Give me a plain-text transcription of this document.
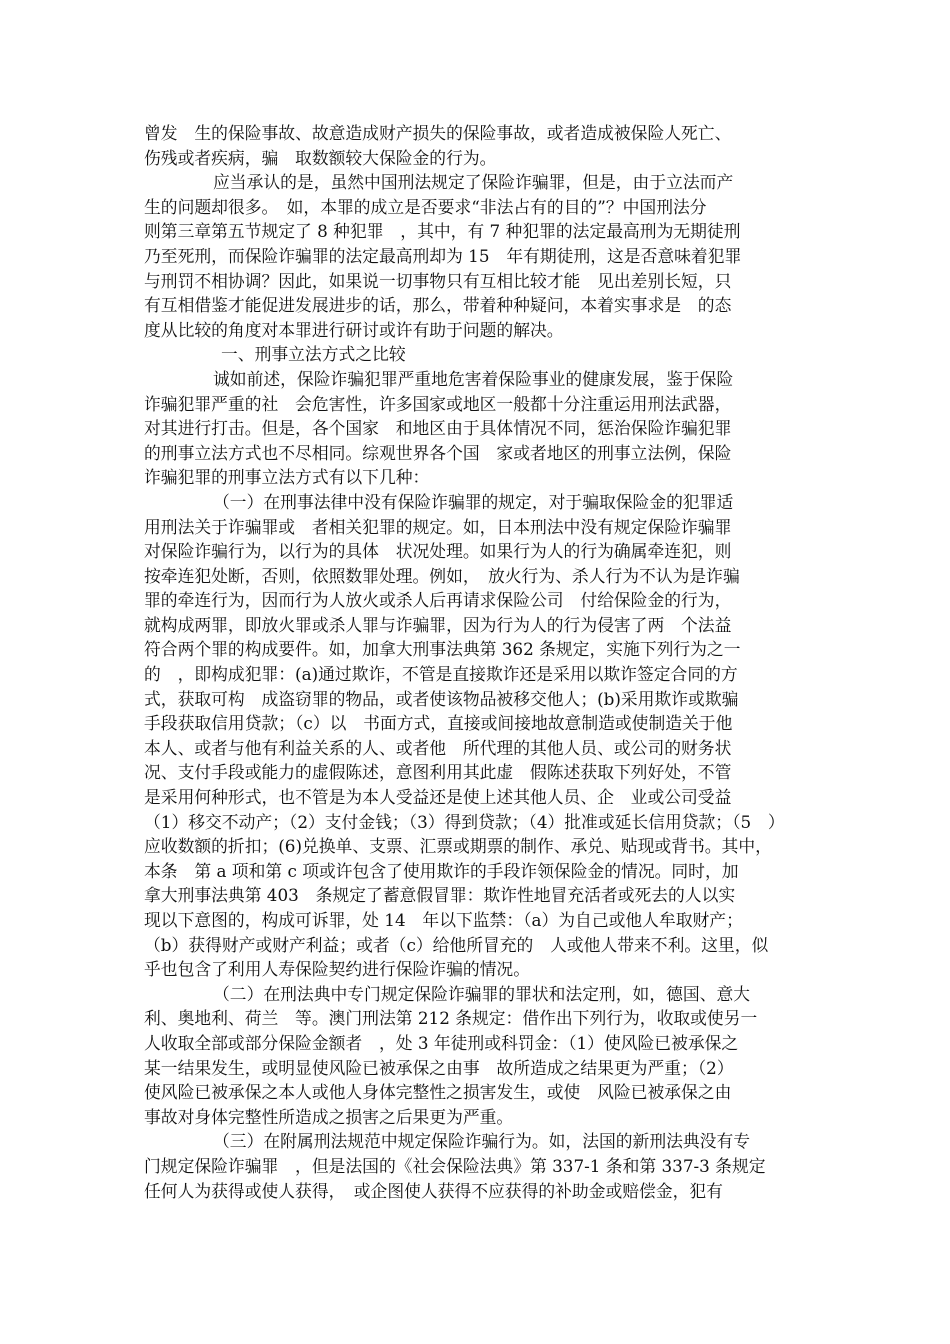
曾发　生的保险事故、故意造成财产损失的保险事故，或者造成被保险人死亡、
伤残或者疾病，骗　取数额较大保险金的行为。
应当承认的是，虽然中国刑法规定了保险诈骗罪，但是，由于立法而产
生的问题却很多。　如，本罪的成立是否要求“非法占有的目的”？中国刑法分
则第三章第五节规定了 8 种犯罪　，其中，有 7 种犯罪的法定最高刑为无期徒刑
乃至死刑，而保险诈骗罪的法定最高刑却为 15　年有期徒刑，这是否意味着犯罪
与刑罚不相协调？因此，如果说一切事物只有互相比较才能　见出差别长短，只
有互相借鉴才能促进发展进步的话，那么，带着种种疑问，本着实事求是　的态
度从比较的角度对本罪进行研讨或许有助于问题的解决。
一、刑事立法方式之比较
诚如前述，保险诈骗犯罪严重地危害着保险事业的健康发展，鉴于保险
诈骗犯罪严重的社　会危害性，许多国家或地区一般都十分注重运用刑法武器，
对其进行打击。但是，各个国家　和地区由于具体情况不同，惩治保险诈骗犯罪
的刑事立法方式也不尽相同。综观世界各个国　家或者地区的刑事立法例，保险
诈骗犯罪的刑事立法方式有以下几种：
（一）在刑事法律中没有保险诈骗罪的规定，对于骗取保险金的犯罪适
用刑法关于诈骗罪或　者相关犯罪的规定。如，日本刑法中没有规定保险诈骗罪
对保险诈骗行为，以行为的具体　状况处理。如果行为人的行为确属牵连犯，则
按牵连犯处断，否则，依照数罪处理。例如，　放火行为、杀人行为不认为是诈骗
罪的牵连行为，因而行为人放火或杀人后再请求保险公司　付给保险金的行为，
就构成两罪，即放火罪或杀人罪与诈骗罪，因为行为人的行为侵害了两　个法益
符合两个罪的构成要件。如，加拿大刑事法典第 362 条规定，实施下列行为之一
的　，即构成犯罪：(a)通过欺诈，不管是直接欺诈还是采用以欺诈签定合同的方
式，获取可构　成盗窃罪的物品，或者使该物品被移交他人；(b)采用欺诈或欺骗
手段获取信用贷款；（c）以　书面方式，直接或间接地故意制造或使制造关于他
本人、或者与他有利益关系的人、或者他　所代理的其他人员、或公司的财务状
况、支付手段或能力的虚假陈述，意图利用其此虚　假陈述获取下列好处，不管
是采用何种形式，也不管是为本人受益还是使上述其他人员、企　业或公司受益
（1）移交不动产；（2）支付金钱；（3）得到贷款；（4）批准或延长信用贷款；（5　）
应收数额的折扣；(6)兑换单、支票、汇票或期票的制作、承兑、贴现或背书。其中，
本条　第 a 项和第 c 项或许包含了使用欺诈的手段诈领保险金的情况。同时，加
拿大刑事法典第 403　条规定了蓄意假冒罪：欺诈性地冒充活者或死去的人以实
现以下意图的，构成可诉罪，处 14　年以下监禁：（a）为自己或他人牟取财产；
（b）获得财产或财产利益；或者（c）给他所冒充的　人或他人带来不利。这里，似
乎也包含了利用人寿保险契约进行保险诈骗的情况。
（二）在刑法典中专门规定保险诈骗罪的罪状和法定刑，如，德国、意大
利、奥地利、荷兰　等。澳门刑法第 212 条规定：借作出下列行为，收取或使另一
人收取全部或部分保险金额者　，处 3 年徒刑或科罚金：（1）使风险已被承保之
某一结果发生，或明显使风险已被承保之由事　故所造成之结果更为严重；（2）
使风险已被承保之本人或他人身体完整性之损害发生，或使　风险已被承保之由
事故对身体完整性所造成之损害之后果更为严重。
（三）在附属刑法规范中规定保险诈骗行为。如，法国的新刑法典没有专
门规定保险诈骗罪　，但是法国的《社会保险法典》第 337-1 条和第 337-3 条规定
任何人为获得或使人获得，　或企图使人获得不应获得的补助金或赔偿金，犯有
